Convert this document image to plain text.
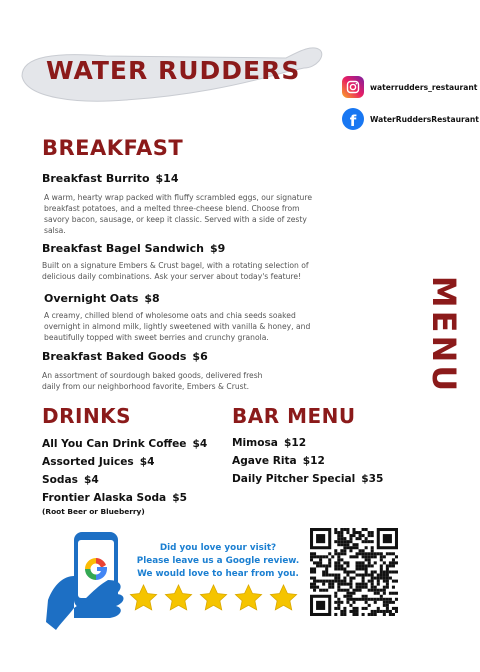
WATER RUDDERS
waterrudders_restaurant
f WaterRuddersRestaurant
BREAKFAST
Breakfast Burrito $14
A warm, hearty wrap packed with fluffy scrambled eggs, our signature breakfast potatoes, and a melted three-cheese blend. Choose from savory bacon, sausage, or keep it classic. Served with a side of zesty salsa.
Breakfast Bagel Sandwich $9
Built on a signature Embers & Crust bagel, with a rotating selection of delicious daily combinations. Ask your server about today's feature!
Overnight Oats $8
A creamy, chilled blend of wholesome oats and chia seeds soaked overnight in almond milk, lightly sweetened with vanilla & honey, and beautifully topped with sweet berries and crunchy granola.
Breakfast Baked Goods $6
An assortment of sourdough baked goods, delivered fresh daily from our neighborhood favorite, Embers & Crust.	MENU
DRINKS
All You Can Drink Coffee $4
Assorted Juices $4
Sodas $4
Frontier Alaska Soda $5
(Root Beer or Blueberry)
BAR MENU
Mimosa $12
Agave Rita $12
Daily Pitcher Special $35
Did you love your visit?
Please leave us a Google review.
We would love to hear from you.
